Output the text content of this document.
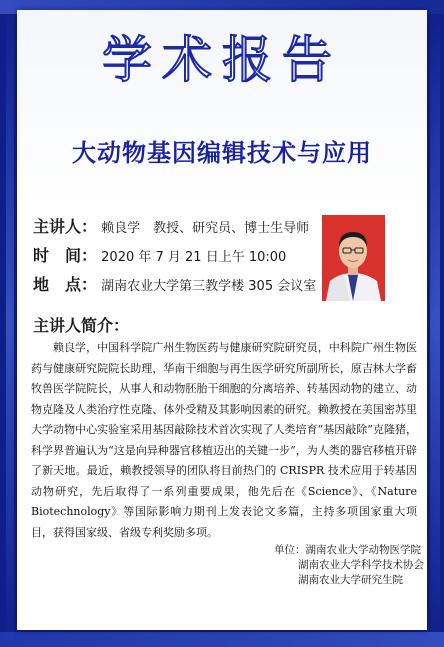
学术报告
大动物基因编辑技术与应用
主讲人： 赖良学　教授、研究员、博士生导师
时　间： 2020 年 7 月 21 日上午 10:00
地　点： 湖南农业大学第三教学楼 305 会议室
主讲人简介：
赖良学，中国科学院广州生物医药与健康研究院研究员，中科院广州生物医药与健康研究院院长助理，华南干细胞与再生医学研究所副所长，原吉林大学畜牧兽医学院院长，从事人和动物胚胎干细胞的分离培养、转基因动物的建立、动物克隆及人类治疗性克隆、体外受精及其影响因素的研究。赖教授在美国密苏里大学动物中心实验室采用基因敲除技术首次实现了人类培育“基因敲除”克隆猪，科学界普遍认为“这是向异种器官移植迈出的关键一步”，为人类的器官移植开辟了新天地。最近，赖教授领导的团队将目前热门的 CRISPR 技术应用于转基因动物研究，先后取得了一系列重要成果，他先后在《Science》、《Nature Biotechnology》等国际影响力期刊上发表论文多篇，主持多项国家重大项目，获得国家级、省级专利奖励多项。
单位：湖南农业大学动物医学院
湖南农业大学科学技术协会
湖南农业大学研究生院
